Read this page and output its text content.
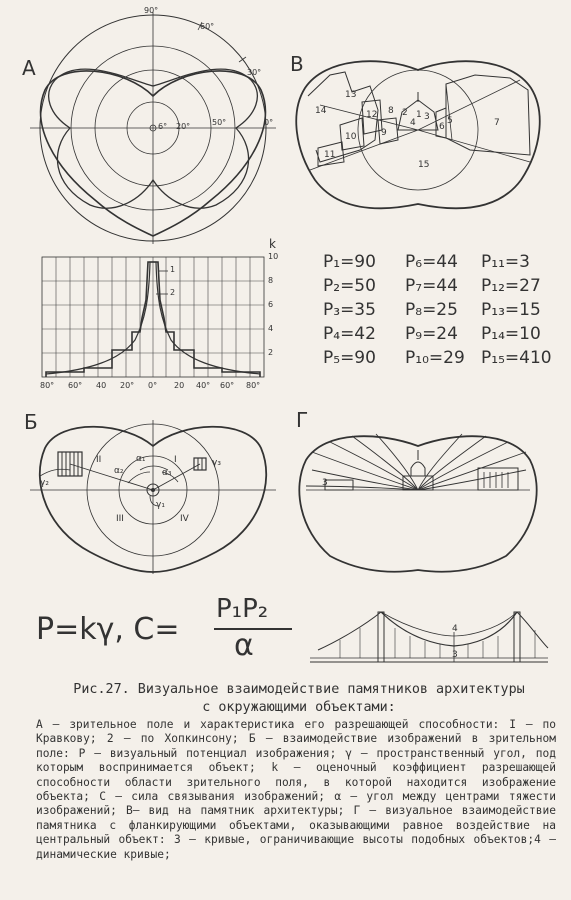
А	В
Б	Г
90°
60°
30°
0°
6° 20°	50°
k
10
8
6
4
2
80° 60° 40 20° 0° 20 40° 60° 80°
1
2
13
14
10
11
12 8
9
2 1
4
3 5
6	7
15
I
II
III	IV
α₁
α₂	α₃
γ₁
γ₂
γ₃
3
4
3
P₁=90	P₆=44	P₁₁=3
P₂=50	P₇=44	P₁₂=27
P₃=35	P₈=25	P₁₃=15
P₄=42	P₉=24	P₁₄=10
P₅=90	P₁₀=29 P₁₅=410
P=kγ, C=
P₁P₂
α
Рис.27. Визуальное взаимодействие памятников архитектуры
с окружающими объектами:
А – зрительное поле и характеристика его разрешающей способности: I – по Кравкову; 2 – по Хопкинсону; Б – взаимодействие изображений в зрительном поле: Р – визуальный потенциал изображения; γ – пространственный угол, под которым воспринимается объект; k – оценочный коэффициент разрешающей способности области зрительного поля, в которой находится изображение объекта; С – сила связывания изображений; α – угол между центрами тяжести изображений; В– вид на памятник архитектуры; Г – визуальное взаимодействие памятника с фланкирующими объектами, оказывающими равное воздействие на центральный объект: 3 – кривые, ограничивающие высоты подобных объектов;4 – динамические кривые;
